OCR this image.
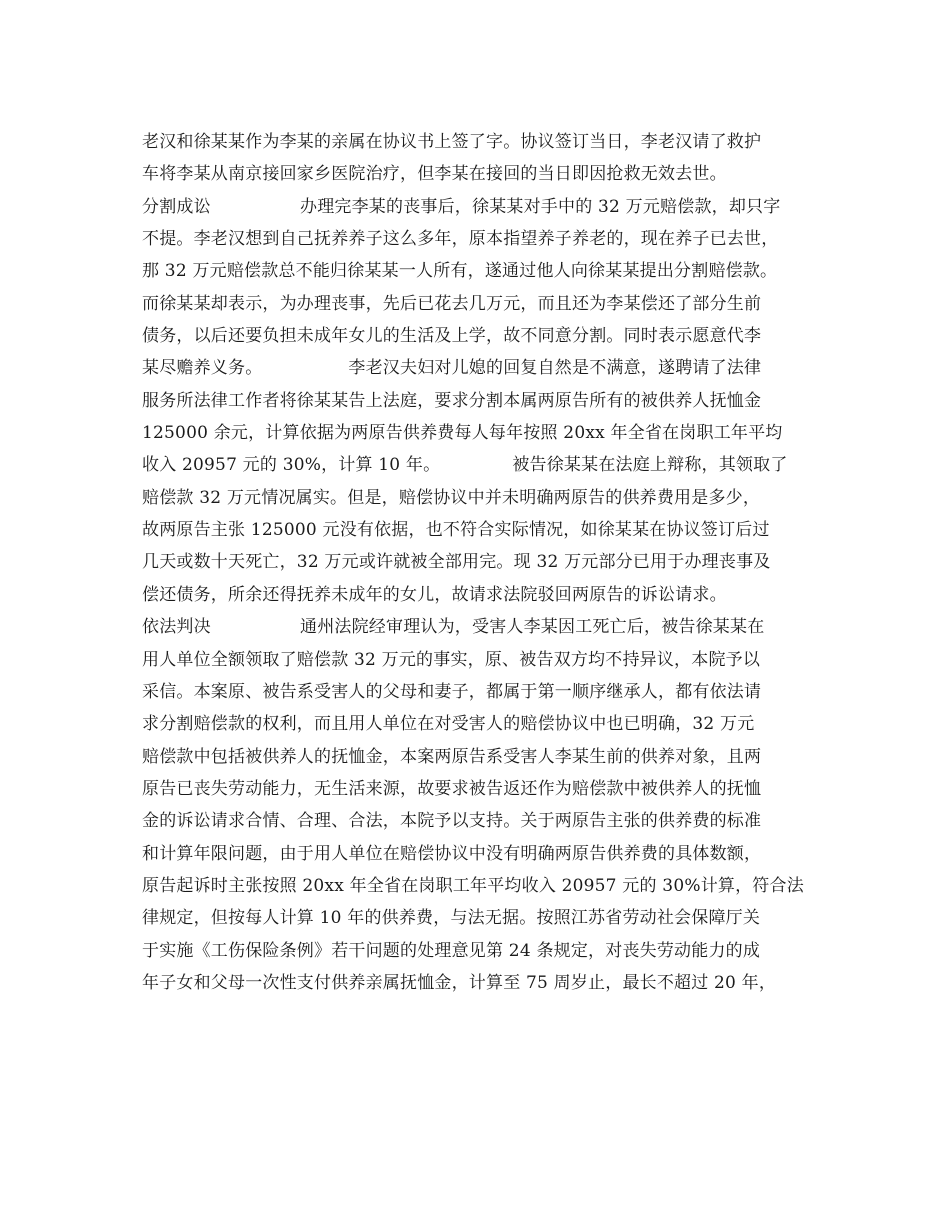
老汉和徐某某作为李某的亲属在协议书上签了字。协议签订当日，李老汉请了救护
车将李某从南京接回家乡医院治疗，但李某在接回的当日即因抢救无效去世。
分割成讼	办理完李某的丧事后，徐某某对手中的 32 万元赔偿款，却只字
不提。李老汉想到自己抚养养子这么多年，原本指望养子养老的，现在养子已去世，
那 32 万元赔偿款总不能归徐某某一人所有，遂通过他人向徐某某提出分割赔偿款。
而徐某某却表示，为办理丧事，先后已花去几万元，而且还为李某偿还了部分生前
债务，以后还要负担未成年女儿的生活及上学，故不同意分割。同时表示愿意代李
某尽赡养义务。	李老汉夫妇对儿媳的回复自然是不满意，遂聘请了法律
服务所法律工作者将徐某某告上法庭，要求分割本属两原告所有的被供养人抚恤金
125000 余元，计算依据为两原告供养费每人每年按照 20xx 年全省在岗职工年平均
收入 20957 元的 30%，计算 10 年。	被告徐某某在法庭上辩称，其领取了
赔偿款 32 万元情况属实。但是，赔偿协议中并未明确两原告的供养费用是多少，
故两原告主张 125000 元没有依据，也不符合实际情况，如徐某某在协议签订后过
几天或数十天死亡，32 万元或许就被全部用完。现 32 万元部分已用于办理丧事及
偿还债务，所余还得抚养未成年的女儿，故请求法院驳回两原告的诉讼请求。
依法判决	通州法院经审理认为，受害人李某因工死亡后，被告徐某某在
用人单位全额领取了赔偿款 32 万元的事实，原、被告双方均不持异议，本院予以
采信。本案原、被告系受害人的父母和妻子，都属于第一顺序继承人，都有依法请
求分割赔偿款的权利，而且用人单位在对受害人的赔偿协议中也已明确，32 万元
赔偿款中包括被供养人的抚恤金，本案两原告系受害人李某生前的供养对象，且两
原告已丧失劳动能力，无生活来源，故要求被告返还作为赔偿款中被供养人的抚恤
金的诉讼请求合情、合理、合法，本院予以支持。关于两原告主张的供养费的标准
和计算年限问题，由于用人单位在赔偿协议中没有明确两原告供养费的具体数额，
原告起诉时主张按照 20xx 年全省在岗职工年平均收入 20957 元的 30%计算，符合法
律规定，但按每人计算 10 年的供养费，与法无据。按照江苏省劳动社会保障厅关
于实施《工伤保险条例》若干问题的处理意见第 24 条规定，对丧失劳动能力的成
年子女和父母一次性支付供养亲属抚恤金，计算至 75 周岁止，最长不超过 20 年，
